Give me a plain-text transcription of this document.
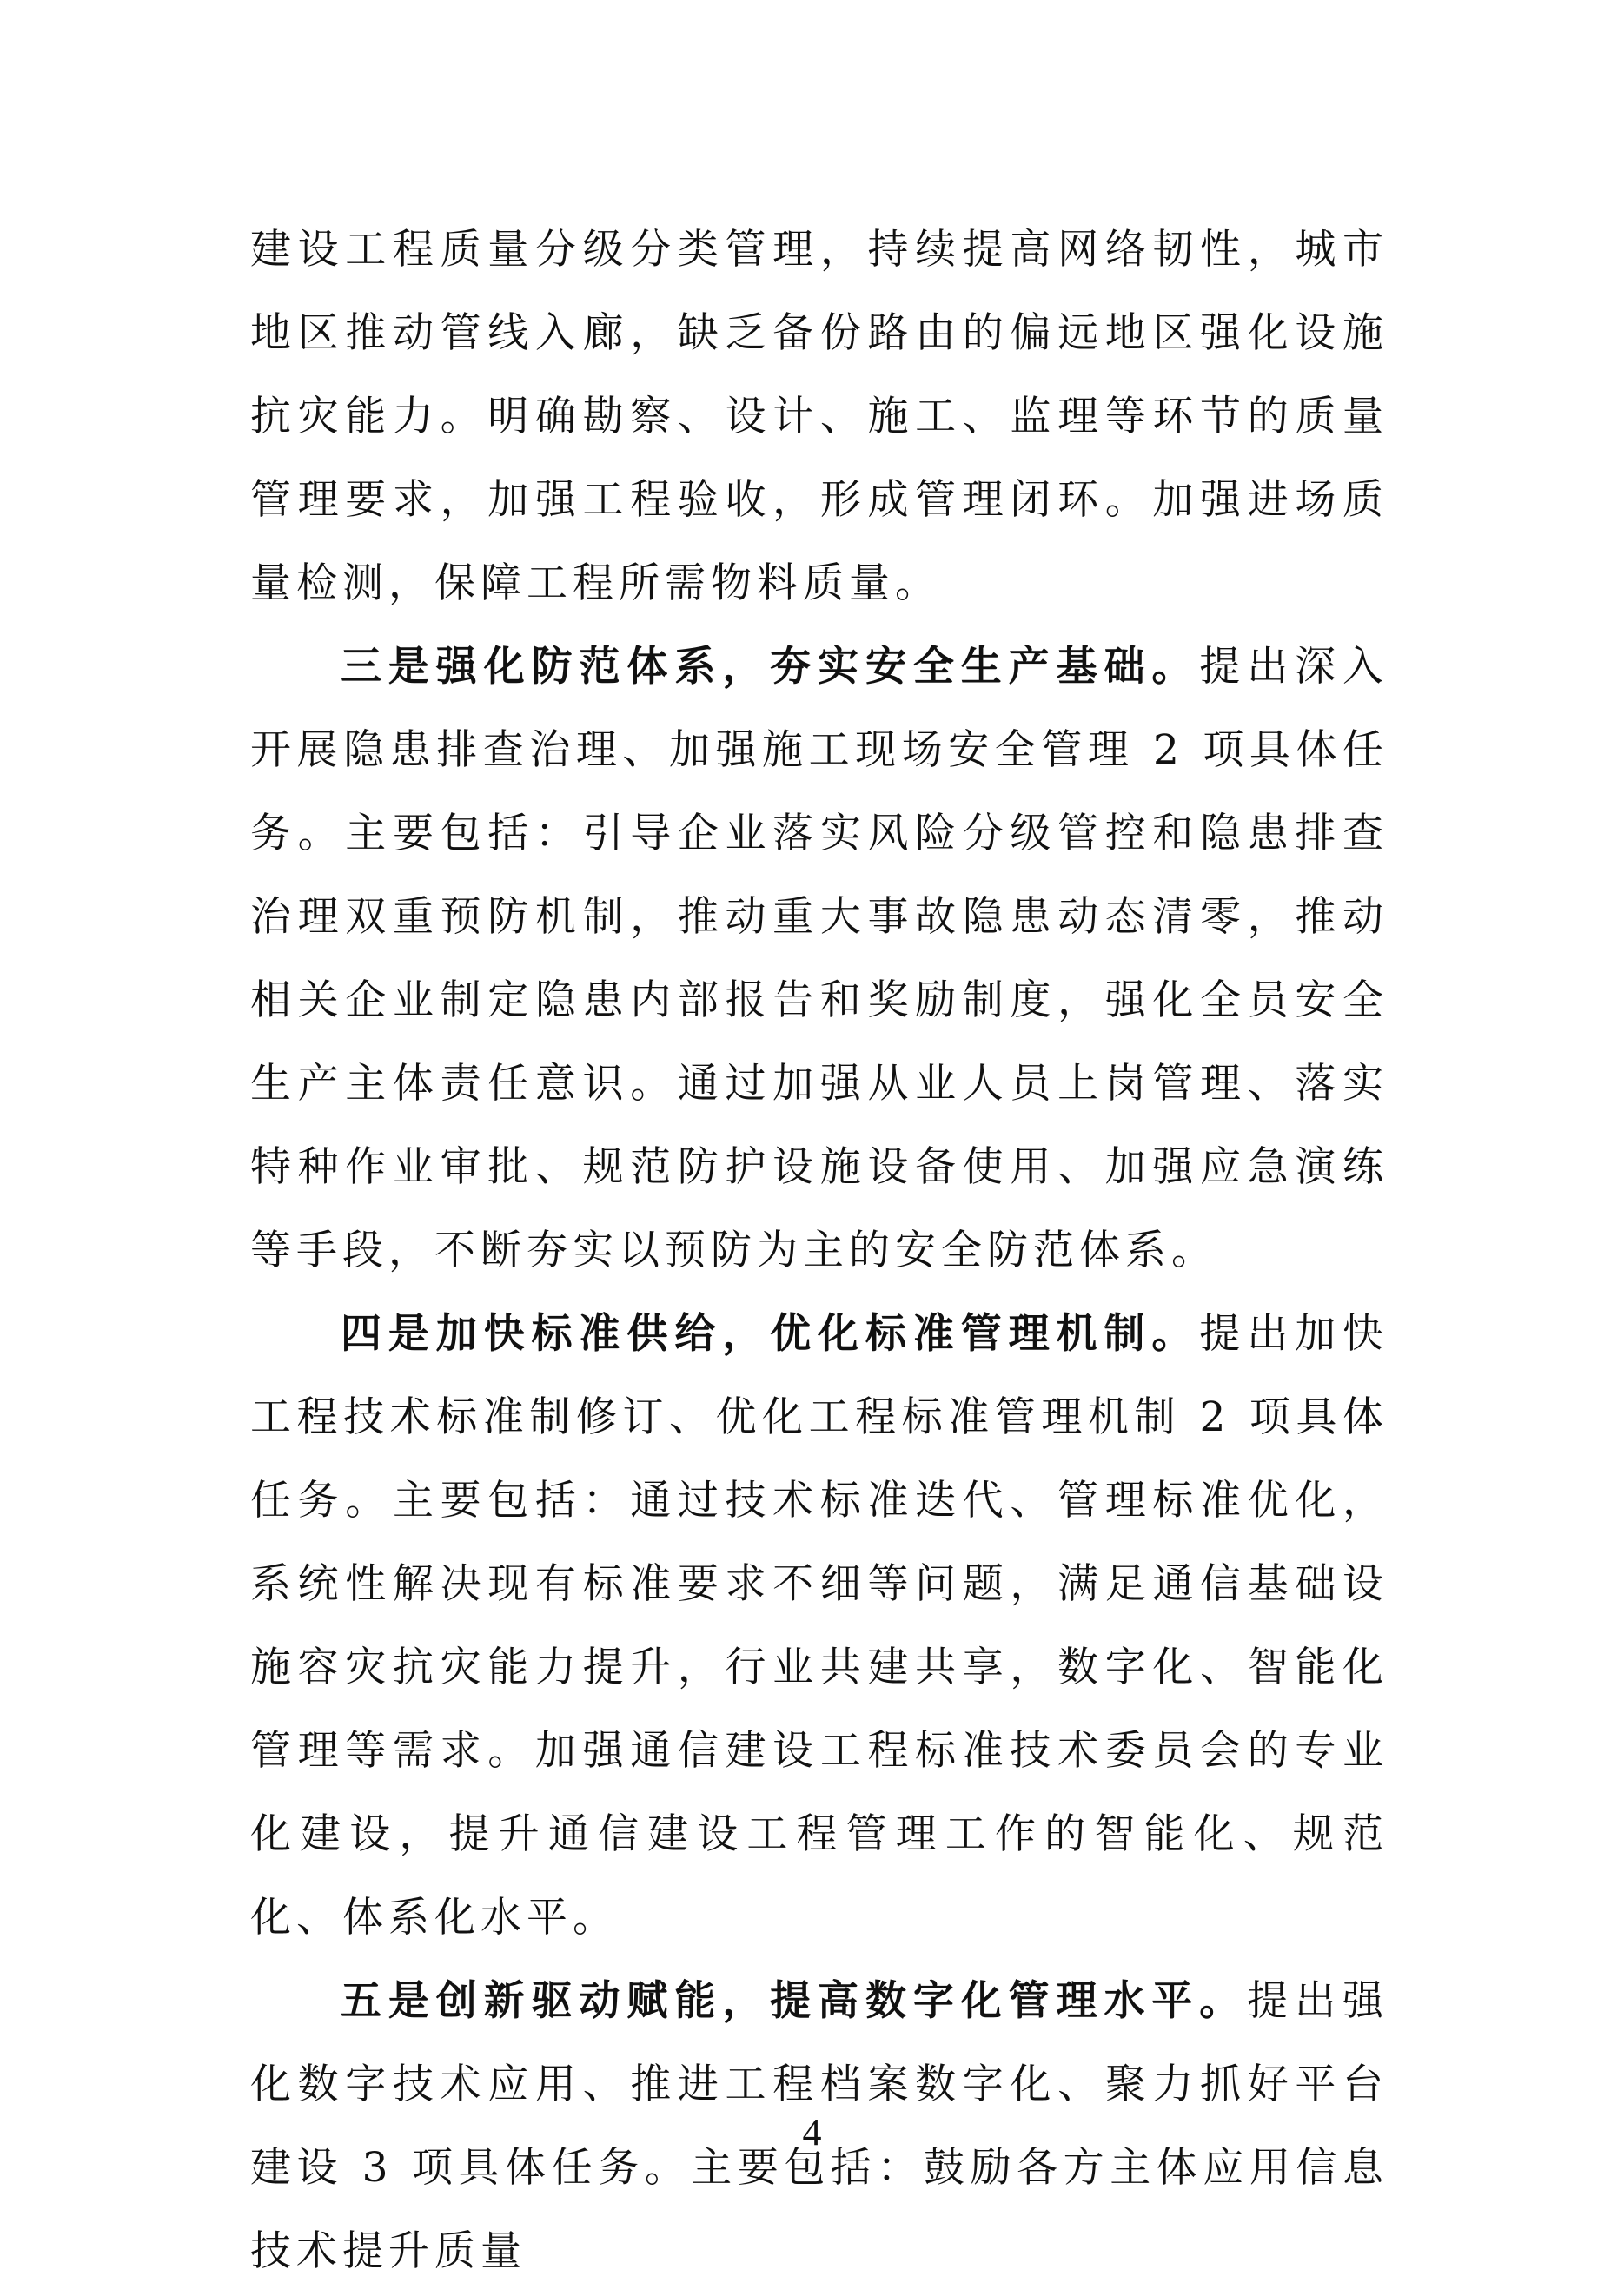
建设工程质量分级分类管理，持续提高网络韧性，城市地区推动管线入廊，缺乏备份路由的偏远地区强化设施抗灾能力。明确勘察、设计、施工、监理等环节的质量管理要求，加强工程验收，形成管理闭环。加强进场质量检测，保障工程所需物料质量。

三是强化防范体系，夯实安全生产基础。提出深入开展隐患排查治理、加强施工现场安全管理 2 项具体任务。主要包括：引导企业落实风险分级管控和隐患排查治理双重预防机制，推动重大事故隐患动态清零，推动相关企业制定隐患内部报告和奖励制度，强化全员安全生产主体责任意识。通过加强从业人员上岗管理、落实特种作业审批、规范防护设施设备使用、加强应急演练等手段，不断夯实以预防为主的安全防范体系。

四是加快标准供给，优化标准管理机制。提出加快工程技术标准制修订、优化工程标准管理机制 2 项具体任务。主要包括：通过技术标准迭代、管理标准优化，系统性解决现有标准要求不细等问题，满足通信基础设施容灾抗灾能力提升，行业共建共享，数字化、智能化管理等需求。加强通信建设工程标准技术委员会的专业化建设，提升通信建设工程管理工作的智能化、规范化、体系化水平。

五是创新驱动赋能，提高数字化管理水平。提出强化数字技术应用、推进工程档案数字化、聚力抓好平台建设 3 项具体任务。主要包括：鼓励各方主体应用信息技术提升质量

4
